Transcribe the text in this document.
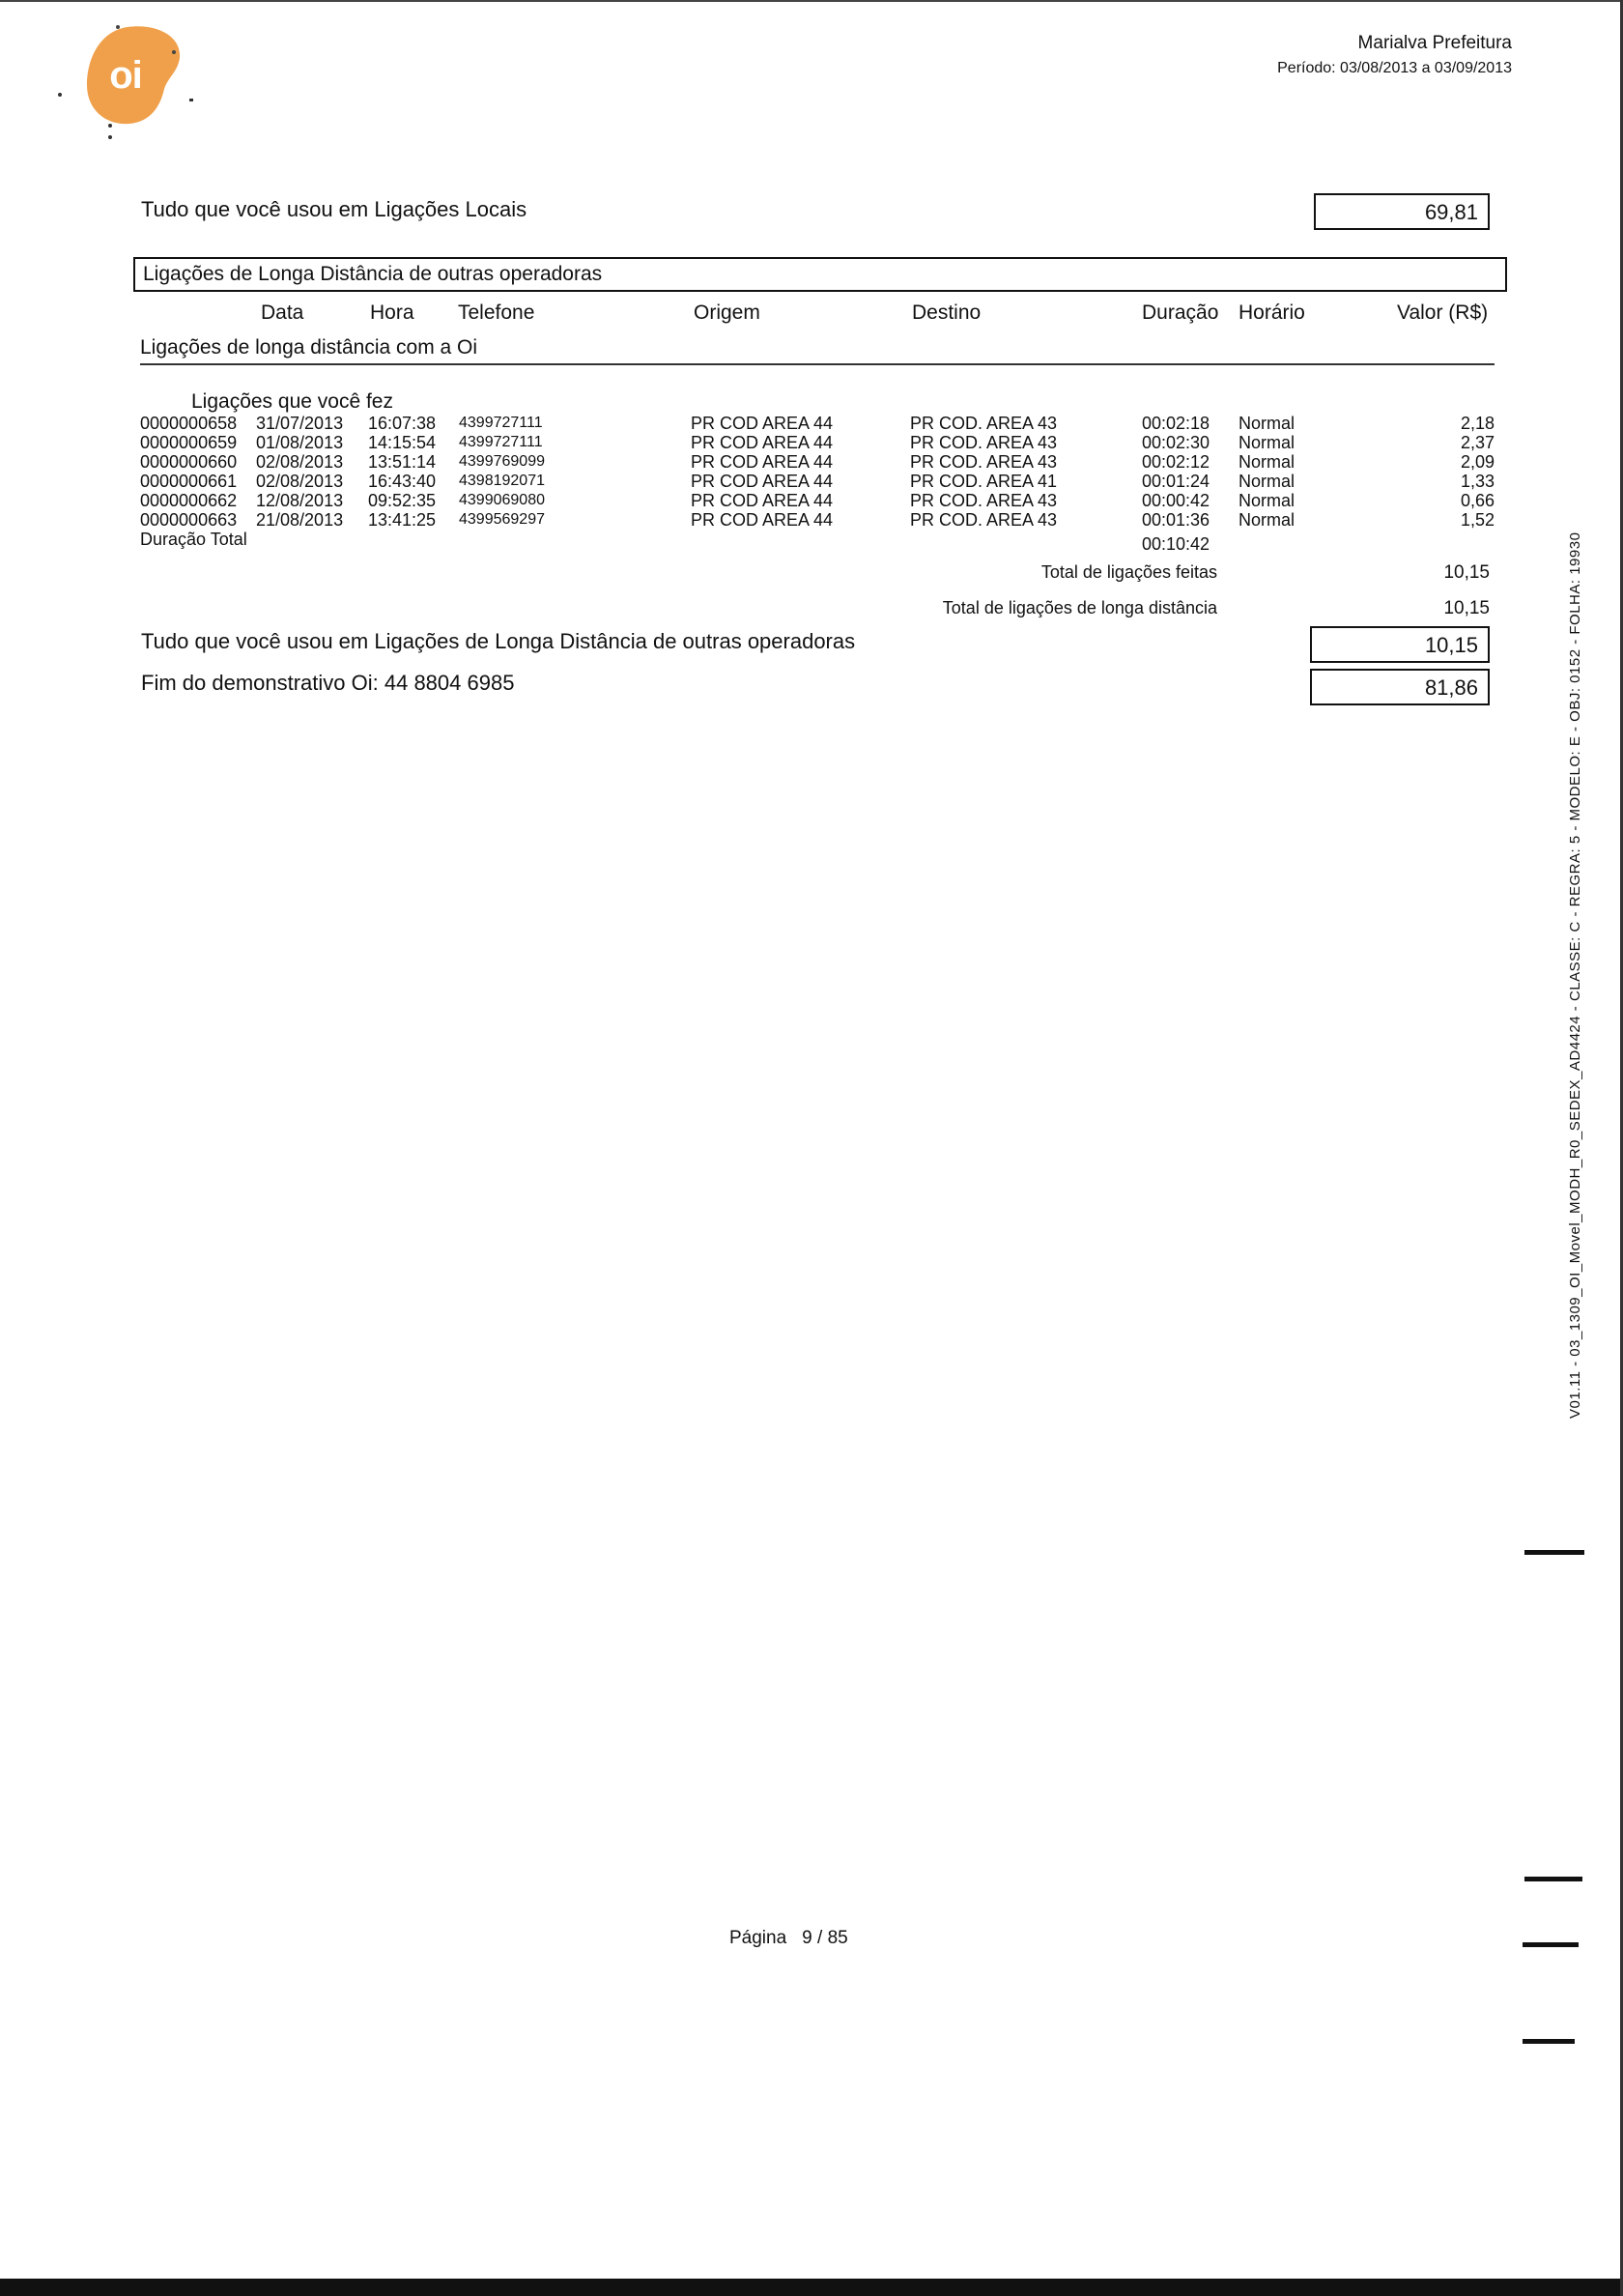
oi
Marialva Prefeitura
Período: 03/08/2013 a 03/09/2013
Tudo que você usou em Ligações Locais	69,81
Ligações de Longa Distância de outras operadoras
Data	Hora Telefone	Origem	Destino	Duração Horário	Valor (R$)
Ligações de longa distância com a Oi
Ligações que você fez
0000000658 31/07/2013 16:07:38 4399727111	PR COD AREA 44	PR COD. AREA 43	00:02:18 Normal	2,18
0000000659 01/08/2013 14:15:54 4399727111	PR COD AREA 44	PR COD. AREA 43	00:02:30 Normal	2,37
0000000660 02/08/2013 13:51:14 4399769099	PR COD AREA 44	PR COD. AREA 43	00:02:12 Normal	2,09
0000000661 02/08/2013 16:43:40 4398192071	PR COD AREA 44	PR COD. AREA 41	00:01:24 Normal	1,33
0000000662 12/08/2013 09:52:35 4399069080	PR COD AREA 44	PR COD. AREA 43	00:00:42 Normal	0,66
0000000663 21/08/2013 13:41:25 4399569297	PR COD AREA 44	PR COD. AREA 43	00:01:36 Normal	1,52
Duração Total	00:10:42
Total de ligações feitas	10,15
Total de ligações de longa distância	10,15
Tudo que você usou em Ligações de Longa Distância de outras operadoras	10,15
Fim do demonstrativo Oi: 44 8804 6985	81,86	V01.11 - 03_1309_OI_Movel_MODH_R0_SEDEX_AD4424 - CLASSE: C - REGRA: 5 - MODELO: E - OBJ: 0152 - FOLHA: 19930
Página 9 / 85
